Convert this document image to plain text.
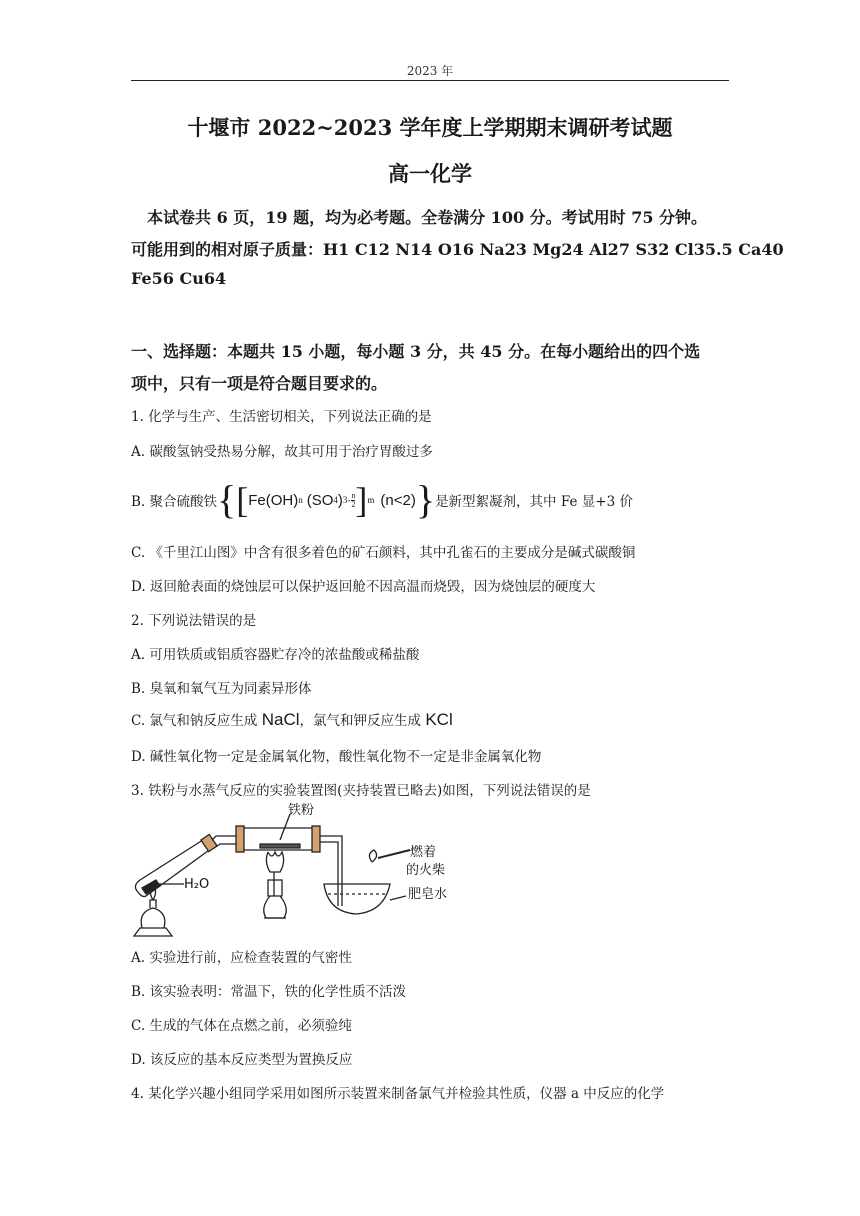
2023 年
十堰市 2022~2023 学年度上学期期末调研考试题
高一化学
本试卷共 6 页，19 题，均为必考题。全卷满分 100 分。考试用时 75 分钟。
可能用到的相对原子质量：H1 C12 N14 O16 Na23 Mg24 Al27 S32 Cl35.5 Ca40
Fe56 Cu64
一、选择题：本题共 15 小题，每小题 3 分，共 45 分。在每小题给出的四个选
项中，只有一项是符合题目要求的。
1. 化学与生产、生活密切相关，下列说法正确的是
A. 碳酸氢钠受热易分解，故其可用于治疗胃酸过多
B. 聚合硫酸铁 { [ Fe(OH) n ( SO 4 ) $3- \frac{n}{2}$ ] m (n<2) } 是新型絮凝剂，其中 Fe 显+3 价
C. 《千里江山图》中含有很多着色的矿石颜料，其中孔雀石的主要成分是碱式碳酸铜
D. 返回舱表面的烧蚀层可以保护返回舱不因高温而烧毁，因为烧蚀层的硬度大
2. 下列说法错误的是
A. 可用铁质或铝质容器贮存冷的浓盐酸或稀盐酸
B. 臭氧和氧气互为同素异形体
C. 氯气和钠反应生成 NaCl，氯气和钾反应生成 KCl
D. 碱性氧化物一定是金属氧化物，酸性氧化物不一定是非金属氧化物
3. 铁粉与水蒸气反应的实验装置图(夹持装置已略去)如图，下列说法错误的是
铁粉
H₂O
燃着
的火柴
肥皂水
A. 实验进行前，应检查装置的气密性
B. 该实验表明：常温下，铁的化学性质不活泼
C. 生成的气体在点燃之前，必须验纯
D. 该反应的基本反应类型为置换反应
4. 某化学兴趣小组同学采用如图所示装置来制备氯气并检验其性质，仪器 a 中反应的化学
